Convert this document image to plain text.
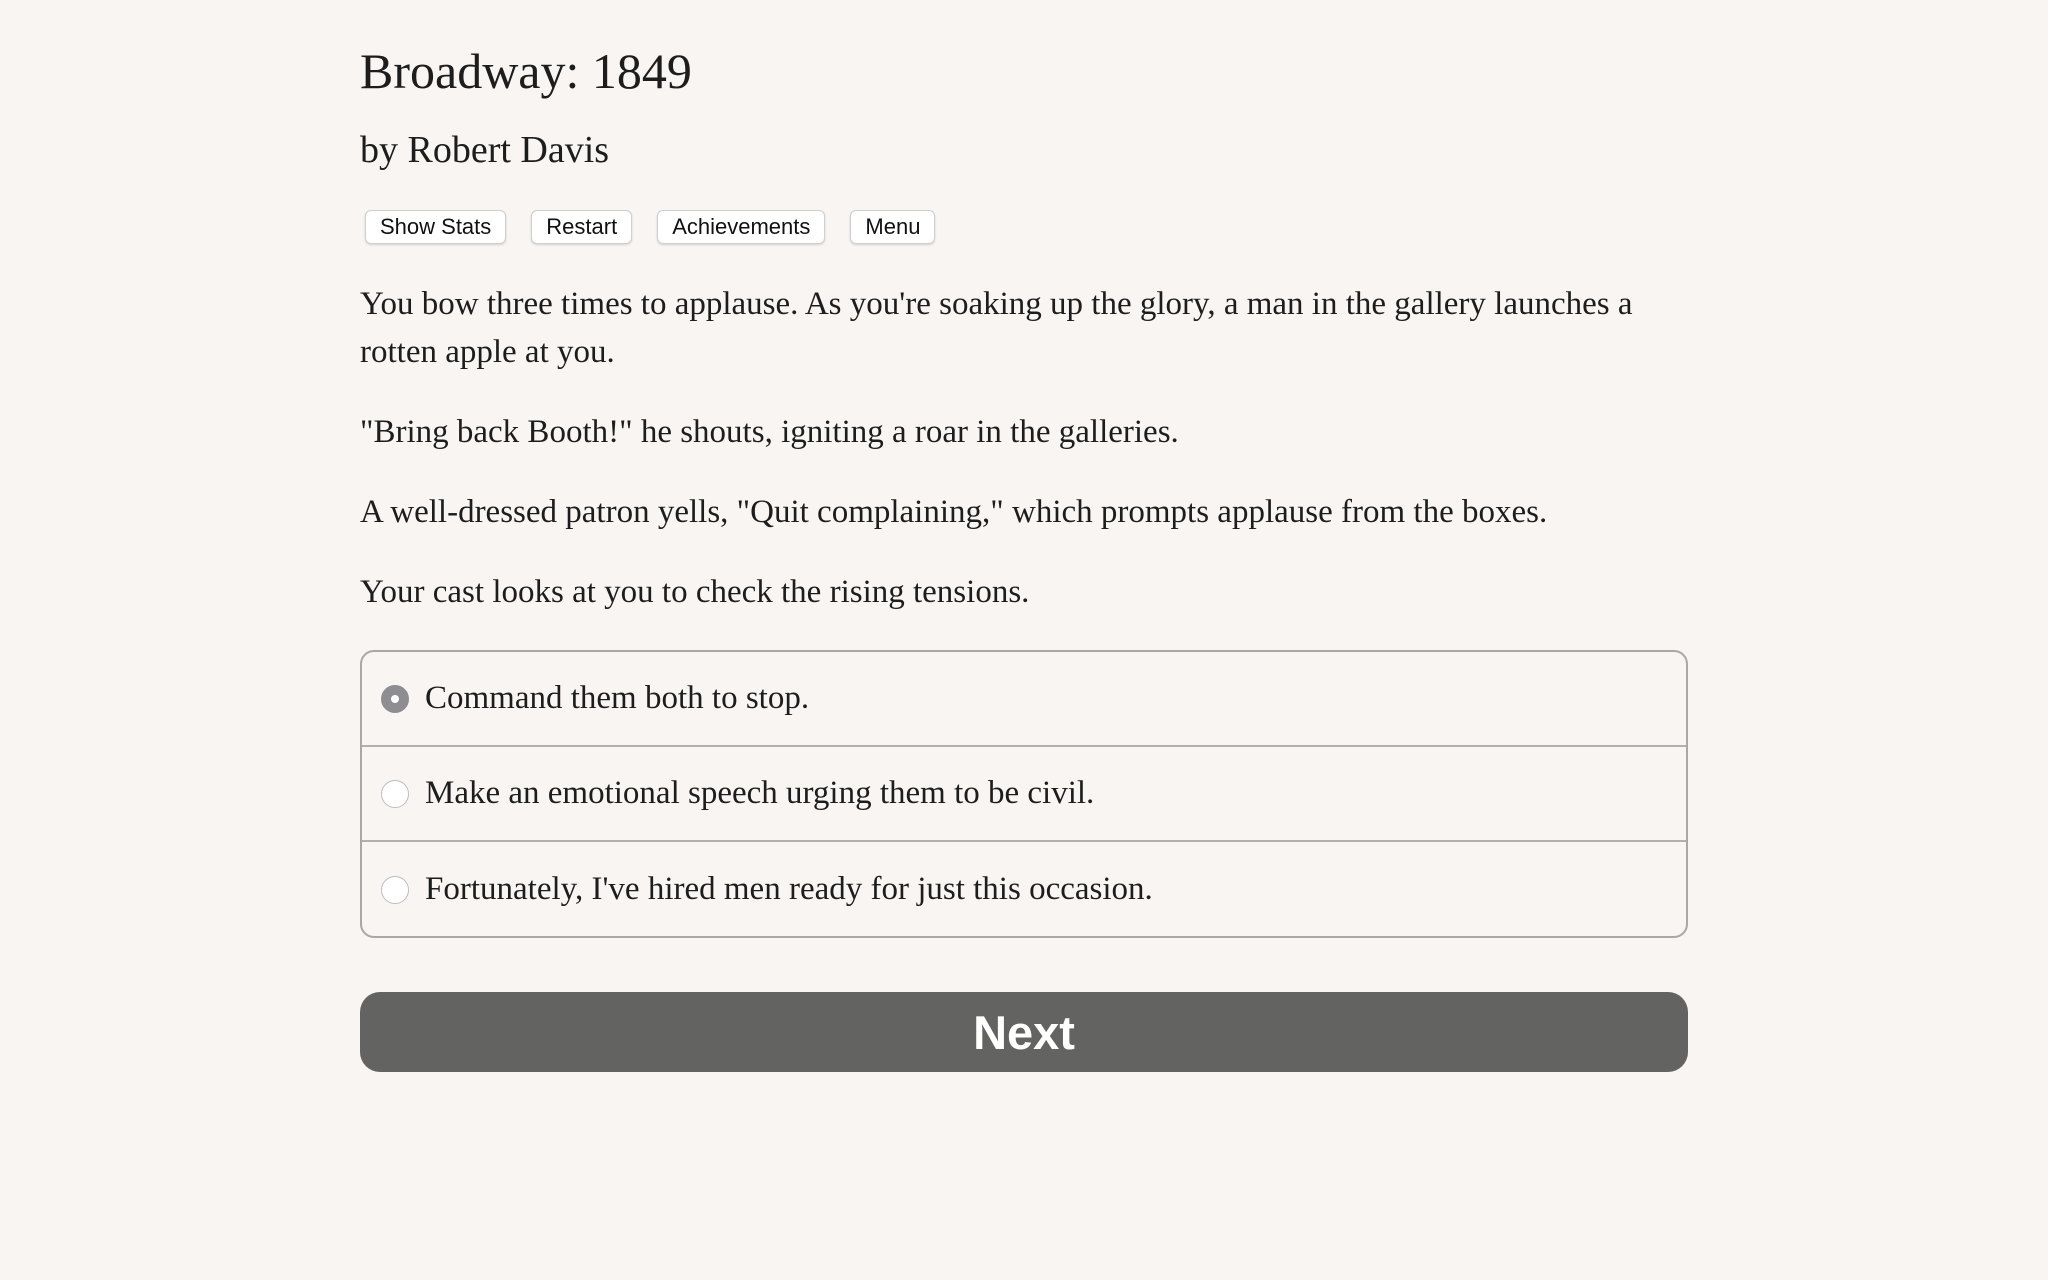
Broadway: 1849
by Robert Davis
Show Stats	Restart	Achievements	Menu

You bow three times to applause. As you're soaking up the glory, a man in the gallery launches a rotten apple at you.

"Bring back Booth!" he shouts, igniting a roar in the galleries.

A well-dressed patron yells, "Quit complaining," which prompts applause from the boxes.

Your cast looks at you to check the rising tensions.

Command them both to stop.
Make an emotional speech urging them to be civil.
Fortunately, I've hired men ready for just this occasion.
Next
